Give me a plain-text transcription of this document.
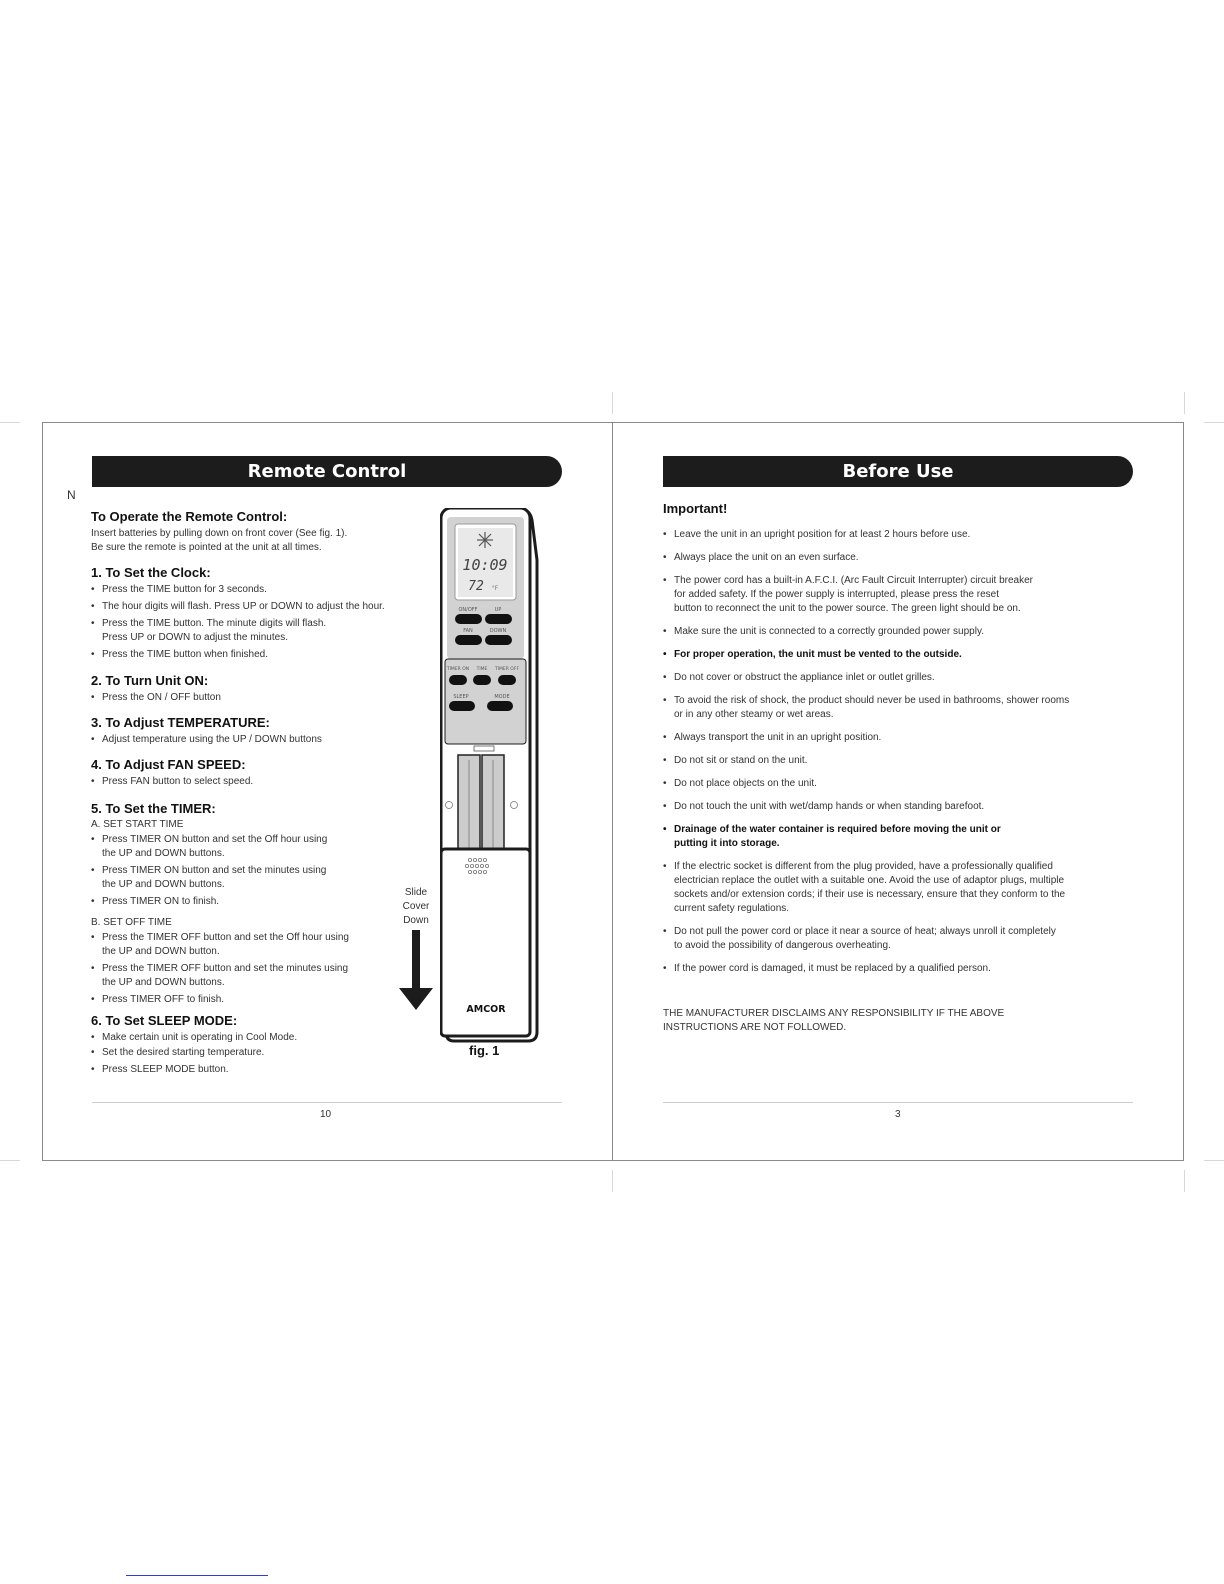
N
Remote Control
To Operate the Remote Control:
Insert batteries by pulling down on front cover (See fig. 1).
Be sure the remote is pointed at the unit at all times.
1. To Set the Clock:
• Press the TIME button for 3 seconds.
• The hour digits will flash. Press UP or DOWN to adjust the hour.
• Press the TIME button. The minute digits will flash.
Press UP or DOWN to adjust the minutes.
• Press the TIME button when finished.
2. To Turn Unit ON:
• Press the ON / OFF button
3. To Adjust TEMPERATURE:
• Adjust temperature using the UP / DOWN buttons
4. To Adjust FAN SPEED:
• Press FAN button to select speed.
5. To Set the TIMER:
A. SET START TIME
• Press TIMER ON button and set the Off hour using
the UP and DOWN buttons.
• Press TIMER ON button and set the minutes using
the UP and DOWN buttons.
• Press TIMER ON to finish.
B. SET OFF TIME
• Press the TIMER OFF button and set the Off hour using
the UP and DOWN button.
• Press the TIMER OFF button and set the minutes using
the UP and DOWN buttons.
• Press TIMER OFF to finish.
6. To Set SLEEP MODE:
• Make certain unit is operating in Cool Mode.
• Set the desired starting temperature.
• Press SLEEP MODE button.
Slide
Cover
Down
10:09
72 °F
ON/OFF	UP
FAN	DOWN
TIMER ON TIME TIMER OFF
SLEEP	MODE
AMCOR
fig. 1
10
Before Use
Important!
• Leave the unit in an upright position for at least 2 hours before use.
• Always place the unit on an even surface.
• The power cord has a built-in A.F.C.I. (Arc Fault Circuit Interrupter) circuit breaker
for added safety. If the power supply is interrupted, please press the reset
button to reconnect the unit to the power source. The green light should be on.
• Make sure the unit is connected to a correctly grounded power supply.
• For proper operation, the unit must be vented to the outside.
• Do not cover or obstruct the appliance inlet or outlet grilles.
• To avoid the risk of shock, the product should never be used in bathrooms, shower rooms
or in any other steamy or wet areas.
• Always transport the unit in an upright position.
• Do not sit or stand on the unit.
• Do not place objects on the unit.
• Do not touch the unit with wet/damp hands or when standing barefoot.
• Drainage of the water container is required before moving the unit or
putting it into storage.
• If the electric socket is different from the plug provided, have a professionally qualified
electrician replace the outlet with a suitable one. Avoid the use of adaptor plugs, multiple
sockets and/or extension cords; if their use is necessary, ensure that they conform to the
current safety regulations.
• Do not pull the power cord or place it near a source of heat; always unroll it completely
to avoid the possibility of dangerous overheating.
• If the power cord is damaged, it must be replaced by a qualified person.
THE MANUFACTURER DISCLAIMS ANY RESPONSIBILITY IF THE ABOVE
INSTRUCTIONS ARE NOT FOLLOWED.
3
